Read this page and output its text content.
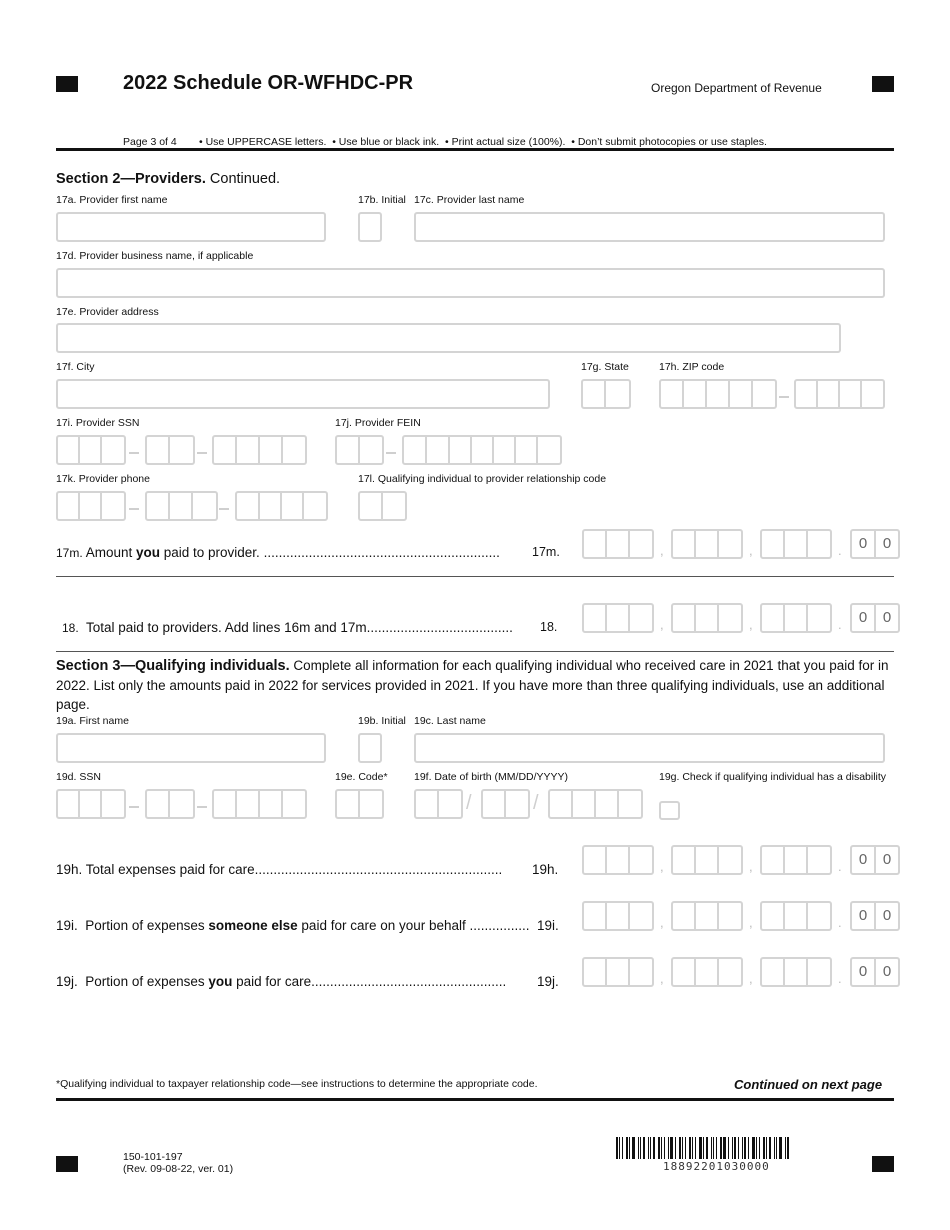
2022 Schedule OR-WFHDC-PR	Oregon Department of Revenue
Page 3 of 4 • Use UPPERCASE letters.  • Use blue or black ink.  • Print actual size (100%).  • Don’t submit photocopies or use staples.
Section 2—Providers. Continued.
17a. Provider first name	17b. Initial 17c. Provider last name
17d. Provider business name, if applicable
17e. Provider address
17f. City	17g. State	17h. ZIP code
17i. Provider SSN	17j. Provider FEIN
17k. Provider phone	17l. Qualifying individual to provider relationship code
17m. Amount you paid to provider. ...............................................................	17m.	,	,	.	0	0
18. Total paid to providers. Add lines 16m and 17m....................................... 18.	,	,	.	0	0
Section 3—Qualifying individuals. Complete all information for each qualifying individual who received care in 2021 that you paid for in 2022. List only the amounts paid in 2022 for services provided in 2021. If you have more than three qualifying individuals, use an additional page.
19a. First name	19b. Initial 19c. Last name
19d. SSN	19e. Code*	19f. Date of birth (MM/DD/YYYY)	19g. Check if qualifying individual has a disability
/	/
19h. Total expenses paid for care.................................................................. 19h.	,	,	.	0	0
19i. Portion of expenses someone else paid for care on your behalf ................ 19i.	,	,	.	0	0
19j. Portion of expenses you paid for care.................................................... 19j.	,	,	.	0	0
*Qualifying individual to taxpayer relationship code—see instructions to determine the appropriate code.	Continued on next page
150-101-197
(Rev. 09-08-22, ver. 01)	18892201030000
